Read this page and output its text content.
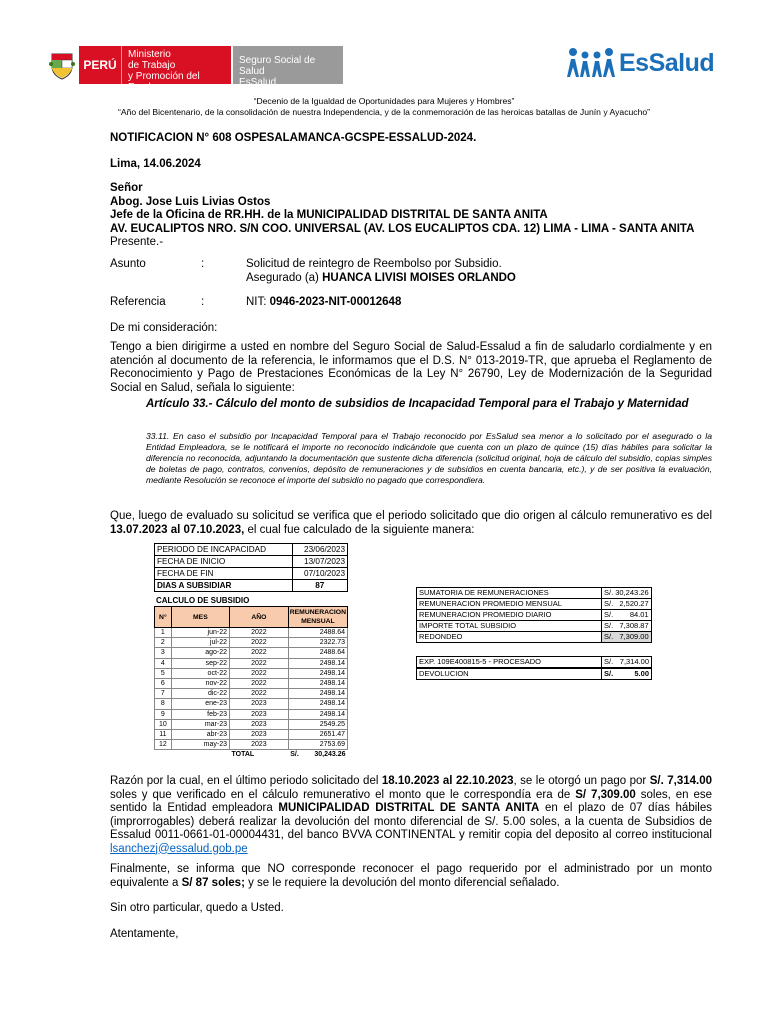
PERÚ
Ministerio
de Trabajo
y Promoción del Empleo
Seguro Social de Salud
EsSalud
EsSalud
“Decenio de la Igualdad de Oportunidades para Mujeres y Hombres”
“Año del Bicentenario, de la consolidación de nuestra Independencia, y de la conmemoración de las heroicas batallas de Junín y Ayacucho”
NOTIFICACION N° 608 OSPESALAMANCA-GCSPE-ESSALUD-2024.
Lima, 14.06.2024
Señor
Abog. Jose Luis Livias Ostos
Jefe de la Oficina de RR.HH. de la MUNICIPALIDAD DISTRITAL DE SANTA ANITA
AV. EUCALIPTOS NRO. S/N COO. UNIVERSAL (AV. LOS EUCALIPTOS CDA. 12) LIMA - LIMA - SANTA ANITA
Presente.-
Asunto	:	Solicitud de reintegro de Reembolso por Subsidio.
Asegurado (a) HUANCA LIVISI MOISES ORLANDO
Referencia	:	NIT: 0946-2023-NIT-00012648
De mi consideración:
Tengo a bien dirigirme a usted en nombre del Seguro Social de Salud-Essalud a fin de saludarlo cordialmente y en atención al documento de la referencia, le informamos que el D.S. N° 013-2019-TR, que aprueba el Reglamento de Reconocimiento y Pago de Prestaciones Económicas de la Ley N° 26790, Ley de Modernización de la Seguridad Social en Salud, señala lo siguiente:
Artículo 33.- Cálculo del monto de subsidios de Incapacidad Temporal para el Trabajo y Maternidad
33.11. En caso el subsidio por Incapacidad Temporal para el Trabajo reconocido por EsSalud sea menor a lo solicitado por el asegurado o la Entidad Empleadora, se le notificará el importe no reconocido indicándole que cuenta con un plazo de quince (15) días hábiles para solicitar la diferencia no reconocida, adjuntando la documentación que sustente dicha diferencia (solicitud original, hoja de cálculo del subsidio, copias simples de boletas de pago, contratos, convenios, depósito de remuneraciones y de subsidios en cuenta bancaria, etc.), y de ser positiva la evaluación, mediante Resolución se reconoce el importe del subsidio no pagado que correspondiera.
Que, luego de evaluado su solicitud se verifica que el periodo solicitado que dio origen al cálculo remunerativo es del 13.07.2023 al 07.10.2023, el cual fue calculado de la siguiente manera:
PERIODO DE INCAPACIDAD	23/06/2023
FECHA DE INICIO	13/07/2023
FECHA DE FIN	07/10/2023
DIAS A SUBSIDIAR	87
CALCULO DE SUBSIDIO
N°	MES	AÑO	REMUNERACION MENSUAL
1	jun-22	2022	2488.64
2	jul-22	2022	2322.73
3	ago-22	2022	2488.64
4	sep-22	2022	2498.14
5	oct-22	2022	2498.14
6	nov-22	2022	2498.14
7	dic-22	2022	2498.14
8	ene-23	2023	2498.14
9	feb-23	2023	2498.14
10	mar-23	2023	2549.25
11	abr-23	2023	2651.47
12	may-23	2023	2753.69
		TOTAL	S/. 30,243.26
SUMATORIA DE REMUNERACIONES	S/. 30,243.26
REMUNERACION PROMEDIO MENSUAL	S/.   2,520.27
REMUNERACION PROMEDIO DIARIO	S/.        84.01
IMPORTE TOTAL SUBSIDIO	S/.   7,308.87
REDONDEO	S/.   7,309.00
EXP. 109E400815-5 - PROCESADO	S/. 7,314.00

DEVOLUCION	S/. 5.00
Razón por la cual, en el último periodo solicitado del 18.10.2023 al 22.10.2023, se le otorgó un pago por S/. 7,314.00 soles y que verificado en el cálculo remunerativo el monto que le correspondía era de S/ 7,309.00 soles, en ese sentido la Entidad empleadora MUNICIPALIDAD DISTRITAL DE SANTA ANITA en el plazo de 07 días hábiles (improrrogables) deberá realizar la devolución del monto diferencial de S/. 5.00 soles, a la cuenta de Subsidios de Essalud 0011-0661-01-00004431, del banco BVVA CONTINENTAL y remitir copia del deposito al correo institucional lsanchezj@essalud.gob.pe
Finalmente, se informa que NO corresponde reconocer el pago requerido por el administrado por un monto equivalente a S/ 87 soles; y se le requiere la devolución del monto diferencial señalado.
Sin otro particular, quedo a Usted.
Atentamente,
